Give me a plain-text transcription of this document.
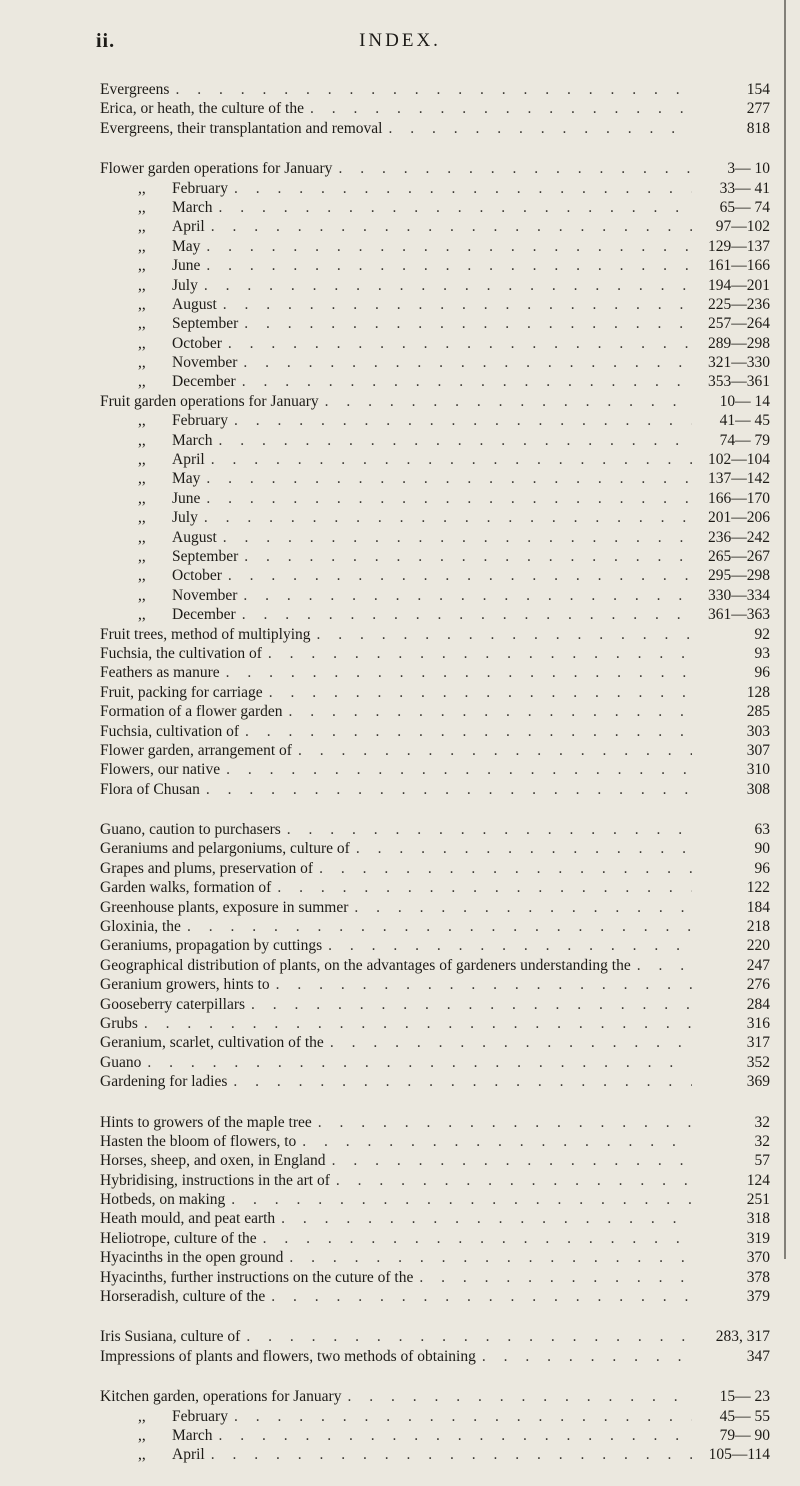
ii.	INDEX.
Evergreens . . .	154
Erica, or heath, the culture of the . . .	277
Evergreens, their transplantation and removal . . .	818
Flower garden operations for January . . .	3— 10
,, February . . .	33— 41
,, March . . .	65— 74
,, April . . .	97—102
,, May . . .	129—137
,, June . . .	161—166
,, July . . .	194—201
,, August . . .	225—236
,, September . . .	257—264
,, October . . .	289—298
,, November . . .	321—330
,, December . . .	353—361
Fruit garden operations for January . . .	10— 14
,, February . . .	41— 45
,, March . . .	74— 79
,, April . . .	102—104
,, May . . .	137—142
,, June . . .	166—170
,, July . . .	201—206
,, August . . .	236—242
,, September . . .	265—267
,, October . . .	295—298
,, November . . .	330—334
,, December . . .	361—363
Fruit trees, method of multiplying . . .	92
Fuchsia, the cultivation of . . .	93
Feathers as manure . . .	96
Fruit, packing for carriage . . .	128
Formation of a flower garden . . .	285
Fuchsia, cultivation of . . .	303
Flower garden, arrangement of . . .	307
Flowers, our native . . .	310
Flora of Chusan . . .	308
Guano, caution to purchasers . . .	63
Geraniums and pelargoniums, culture of . . .	90
Grapes and plums, preservation of . . .	96
Garden walks, formation of . . .	122
Greenhouse plants, exposure in summer . . .	184
Gloxinia, the . . .	218
Geraniums, propagation by cuttings . . .	220
Geographical distribution of plants, on the advantages of gardeners understanding the . . .	247
Geranium growers, hints to . . .	276
Gooseberry caterpillars . . .	284
Grubs . . .	316
Geranium, scarlet, cultivation of the . . .	317
Guano . . .	352
Gardening for ladies . . .	369
Hints to growers of the maple tree . . .	32
Hasten the bloom of flowers, to . . .	32
Horses, sheep, and oxen, in England . . .	57
Hybridising, instructions in the art of . . .	124
Hotbeds, on making . . .	251
Heath mould, and peat earth . . .	318
Heliotrope, culture of the . . .	319
Hyacinths in the open ground . . .	370
Hyacinths, further instructions on the cuture of the . . .	378
Horseradish, culture of the . . .	379
Iris Susiana, culture of . . .	283, 317
Impressions of plants and flowers, two methods of obtaining . . .	347
Kitchen garden, operations for January . . .	15— 23
,, February . . .	45— 55
,, March . . .	79— 90
,, April . . .	105—114
